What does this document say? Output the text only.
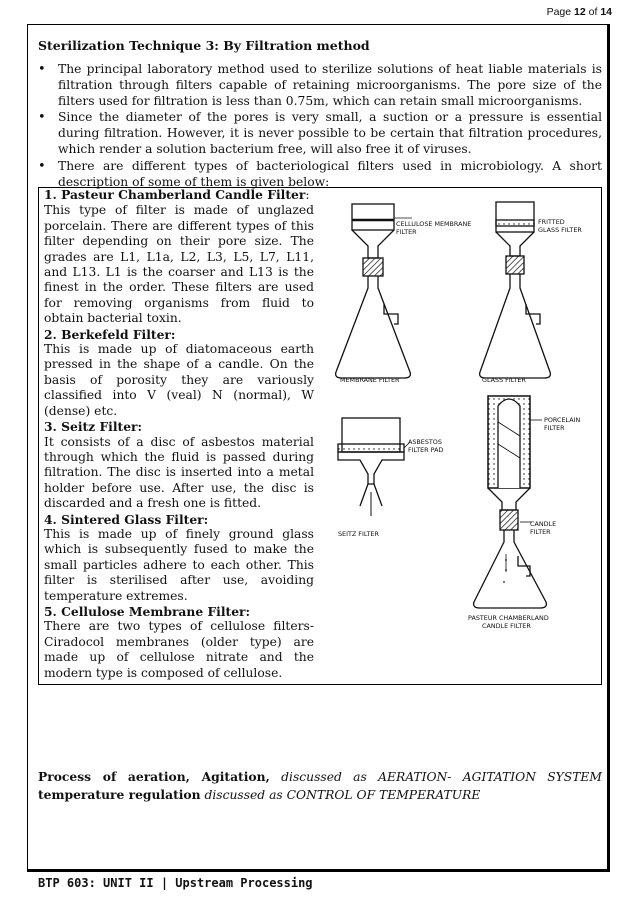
Page 12 of 14
Sterilization Technique 3: By Filtration method
• The principal laboratory method used to sterilize solutions of heat liable materials is filtration through filters capable of retaining microorganisms. The pore size of the filters used for filtration is less than 0.75m, which can retain small microorganisms.
• Since the diameter of the pores is very small, a suction or a pressure is essential during filtration. However, it is never possible to be certain that filtration procedures, which render a solution bacterium free, will also free it of viruses.
• There are different types of bacteriological filters used in microbiology. A short description of some of them is given below:
1. Pasteur Chamberland Candle Filter:

This type of filter is made of unglazed porcelain. There are different types of this filter depending on their pore size. The grades are L1, L1a, L2, L3, L5, L7, L11, and L13. L1 is the coarser and L13 is the finest in the order. These filters are used for removing organisms from fluid to obtain bacterial toxin.

2. Berkefeld Filter:

This is made up of diatomaceous earth pressed in the shape of a candle. On the basis of porosity they are variously classified into V (veal) N (normal), W (dense) etc.

3. Seitz Filter:

It consists of a disc of asbestos material through which the fluid is passed during filtration. The disc is inserted into a metal holder before use. After use, the disc is discarded and a fresh one is fitted.

4. Sintered Glass Filter:

This is made up of finely ground glass which is subsequently fused to make the small particles adhere to each other. This filter is sterilised after use, avoiding temperature extremes.

5. Cellulose Membrane Filter:

There are two types of cellulose filters- Ciradocol membranes (older type) are made up of cellulose nitrate and the modern type is composed of cellulose.

CELLULOSE MEMBRANE
FILTER
MEMBRANE FILTER
FRITTED
GLASS FILTER
GLASS FILTER
ASBESTOS
FILTER PAD
SEITZ FILTER
PORCELAIN
FILTER
CANDLE
FILTER
PASTEUR CHAMBERLAND
CANDLE FILTER
Process of aeration, Agitation, discussed as AERATION- AGITATION SYSTEM temperature regulation discussed as CONTROL OF TEMPERATURE
BTP 603: UNIT II | Upstream Processing
